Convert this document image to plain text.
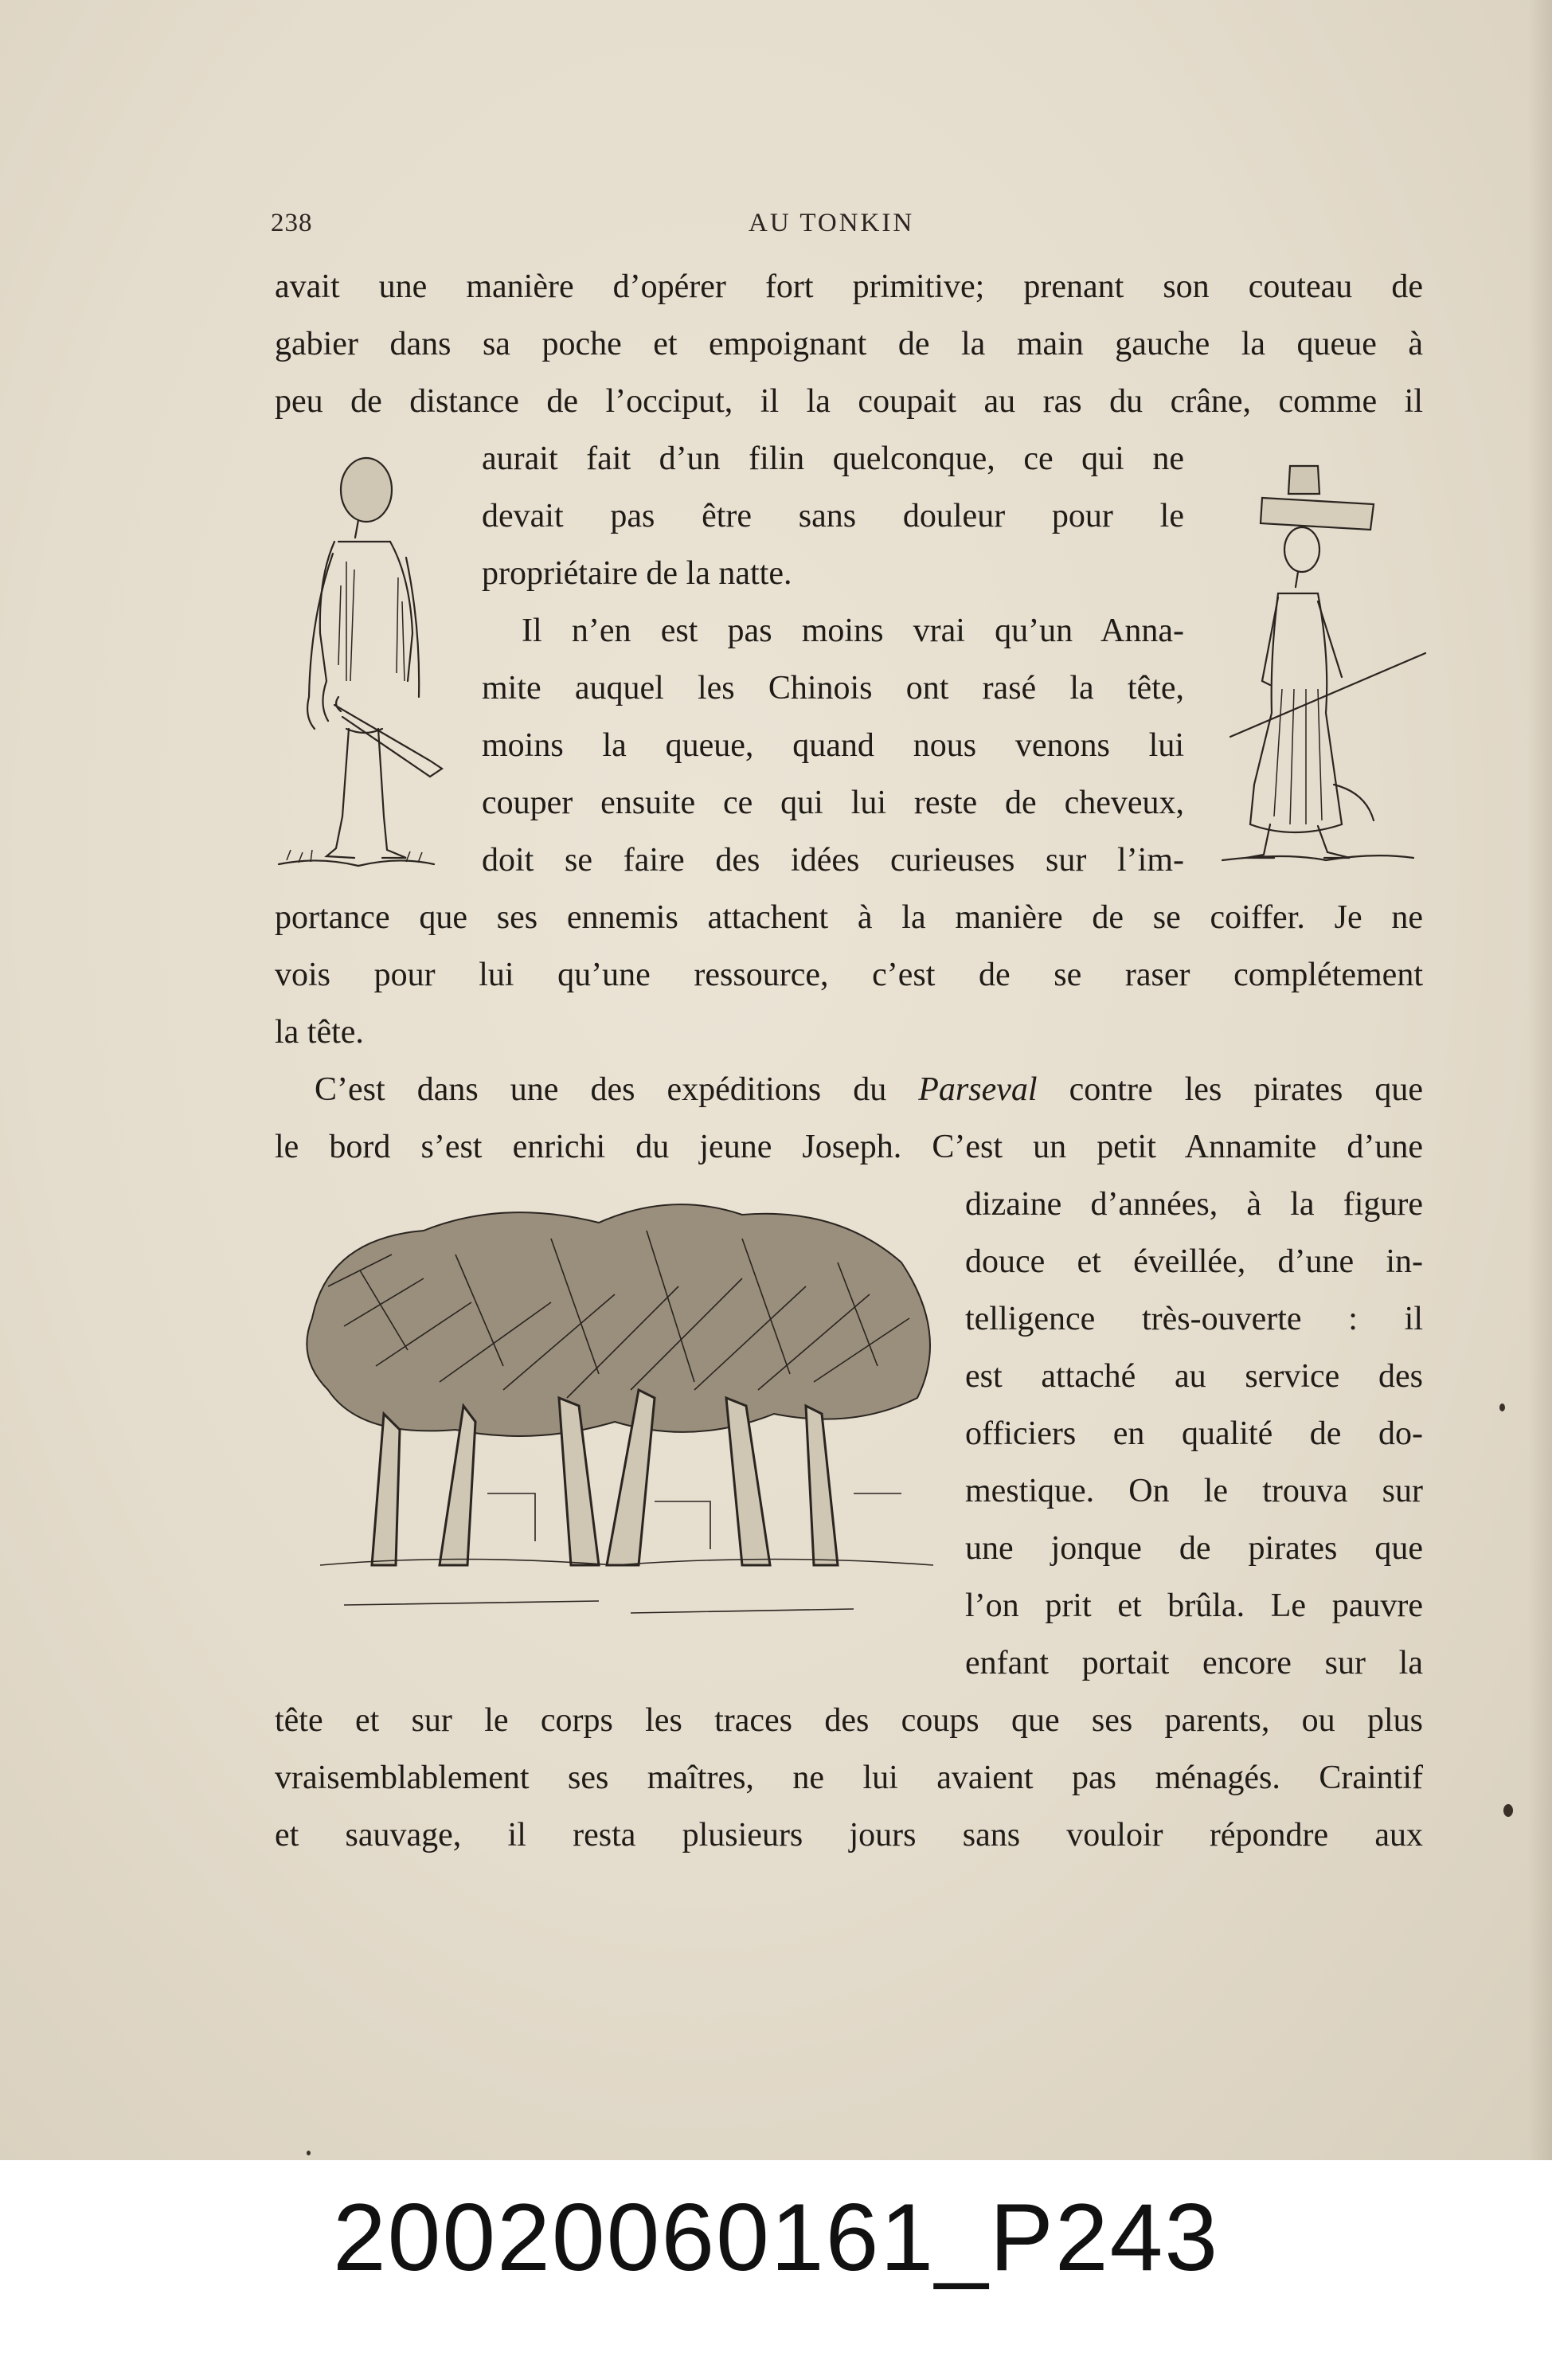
238	AU TONKIN
avait une manière d’opérer fort primitive; prenant son couteau de
gabier dans sa poche et empoignant de la main gauche la queue à
peu de distance de l’occiput, il la coupait au ras du crâne, comme il
aurait fait d’un filin quelconque, ce qui ne
devait pas être sans douleur pour le
propriétaire de la natte.
Il n’en est pas moins vrai qu’un Anna-
mite auquel les Chinois ont rasé la tête,
moins la queue, quand nous venons lui
couper ensuite ce qui lui reste de cheveux,
doit se faire des idées curieuses sur l’im-
portance que ses ennemis attachent à la manière de se coiffer. Je ne
vois pour lui qu’une ressource, c’est de se raser complétement
la tête.
C’est dans une des expéditions du Parseval contre les pirates que
le bord s’est enrichi du jeune Joseph. C’est un petit Annamite d’une
dizaine d’années, à la figure
douce et éveillée, d’une in-
telligence très-ouverte : il
est attaché au service des
officiers en qualité de do-
mestique. On le trouva sur
une jonque de pirates que
l’on prit et brûla. Le pauvre
enfant portait encore sur la
tête et sur le corps les traces des coups que ses parents, ou plus
vraisemblablement ses maîtres, ne lui avaient pas ménagés. Craintif
et sauvage, il resta plusieurs jours sans vouloir répondre aux
20020060161_P243
